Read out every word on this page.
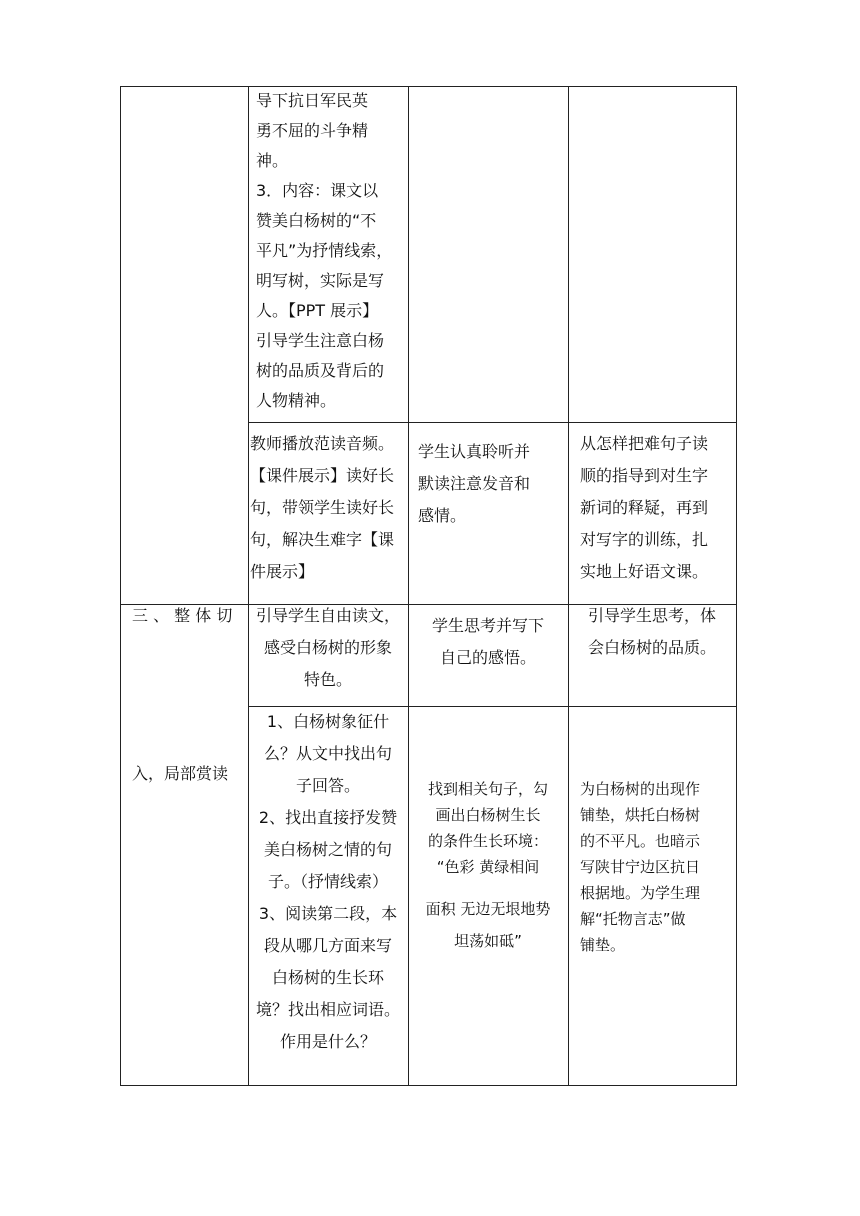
导下抗日军民英

勇不屈的斗争精

神。

3．内容：课文以

赞美白杨树的“不

平凡”为抒情线索，

明写树，实际是写

人。【PPT 展示】

引导学生注意白杨

树的品质及背后的

人物精神。

教师播放范读音频。

【课件展示】读好长

句，带领学生读好长

句，解决生难字【课

件展示】

学生认真聆听并

默读注意发音和

感情。

从怎样把难句子读

顺的指导到对生字

新词的释疑，再到

对写字的训练，扎

实地上好语文课。

三 、 整 体 切
入，局部赏读

引导学生自由读文，

感受白杨树的形象

特色。

学生思考并写下

自己的感悟。

引导学生思考，体

会白杨树的品质。

1、白杨树象征什

么？从文中找出句

子回答。

2、找出直接抒发赞

美白杨树之情的句

子。（抒情线索）

3、阅读第二段，本

段从哪几方面来写

白杨树的生长环

境？找出相应词语。

作用是什么？

找到相关句子，勾

画出白杨树生长

的条件生长环境：

“色彩 黄绿相间

面积 无边无垠地势

坦荡如砥”

为白杨树的出现作

铺垫，烘托白杨树

的不平凡。也暗示

写陕甘宁边区抗日

根据地。为学生理

解“托物言志”做

铺垫。
